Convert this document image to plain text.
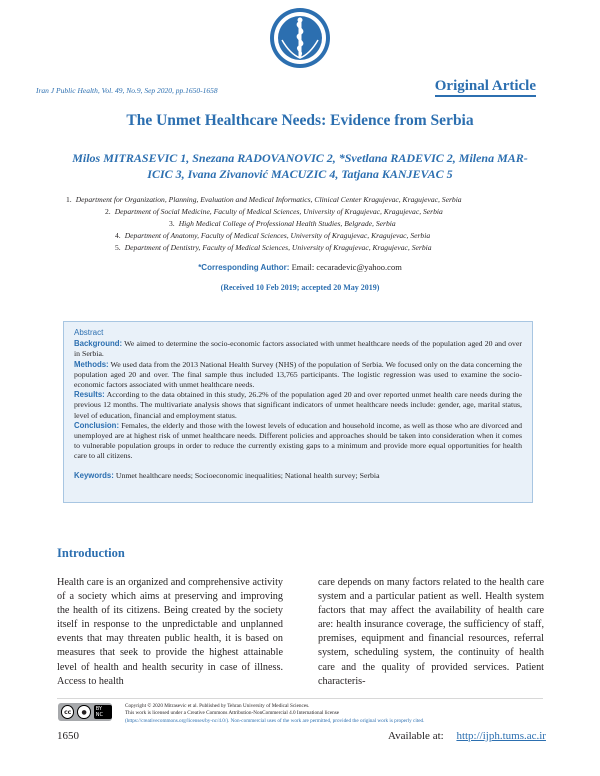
Iran J Public Health, Vol. 49, No.9, Sep 2020, pp.1650-1658	Original Article
The Unmet Healthcare Needs: Evidence from Serbia
Milos MITRASEVIC 1, Snezana RADOVANOVIC 2, *Svetlana RADEVIC 2, Milena MAR-
ICIC 3, Ivana Zivanović MACUZIC 4, Tatjana KANJEVAC 5
1. Department for Organization, Planning, Evaluation and Medical Informatics, Clinical Center Kragujevac, Kragujevac, Serbia
2. Department of Social Medicine, Faculty of Medical Sciences, University of Kragujevac, Kragujevac, Serbia
3. High Medical College of Professional Health Studies, Belgrade, Serbia
4. Department of Anatomy, Faculty of Medical Sciences, University of Kragujevac, Kragujevac, Serbia
5. Department of Dentistry, Faculty of Medical Sciences, University of Kragujevac, Kragujevac, Serbia
*Corresponding Author: Email: cecaradevic@yahoo.com
(Received 10 Feb 2019; accepted 20 May 2019)
Abstract

Background: We aimed to determine the socio-economic factors associated with unmet healthcare needs of the population aged 20 and over in Serbia.

Methods: We used data from the 2013 National Health Survey (NHS) of the population of Serbia. We focused only on the data concerning the population aged 20 and over. The final sample thus included 13,765 participants. The logistic regression was used to examine the socio-economic factors associated with unmet healthcare needs.

Results: According to the data obtained in this study, 26.2% of the population aged 20 and over reported unmet health care needs during the previous 12 months. The multivariate analysis shows that significant indicators of unmet healthcare needs include: gender, age, marital status, level of education, financial and employment status.

Conclusion: Females, the elderly and those with the lowest levels of education and household income, as well as those who are divorced and unemployed are at highest risk of unmet healthcare needs. Different policies and approaches should be taken into consideration when it comes to vulnerable population groups in order to reduce the currently existing gaps to a minimum and provide more equal opportunities for health care to all citizens.

Keywords: Unmet healthcare needs; Socioeconomic inequalities; National health survey; Serbia

Introduction
Health care is an organized and comprehensive activity of a society which aims at preserving and improving the health of its citizens. Being created by the society itself in response to the unpredictable and unplanned events that may threaten public health, it is based on measures that seek to provide the highest attainable level of health and health security in case of illness. Access to health
care depends on many factors related to the health care system and a particular patient as well. Health system factors that may affect the availability of health care are: health insurance coverage, the sufficiency of staff, premises, equipment and financial resources, referral system, scheduling system, the continuity of health care and the quality of provided services. Patient characteris-
cc	●	BY NC
Copyright © 2020 Mitrasevic et al. Published by Tehran University of Medical Sciences.
This work is licensed under a Creative Commons Attribution-NonCommercial 4.0 International license
(https://creativecommons.org/licenses/by-nc/4.0/). Non-commercial uses of the work are permitted, provided the original work is properly cited.
1650	Available at: http://ijph.tums.ac.ir
